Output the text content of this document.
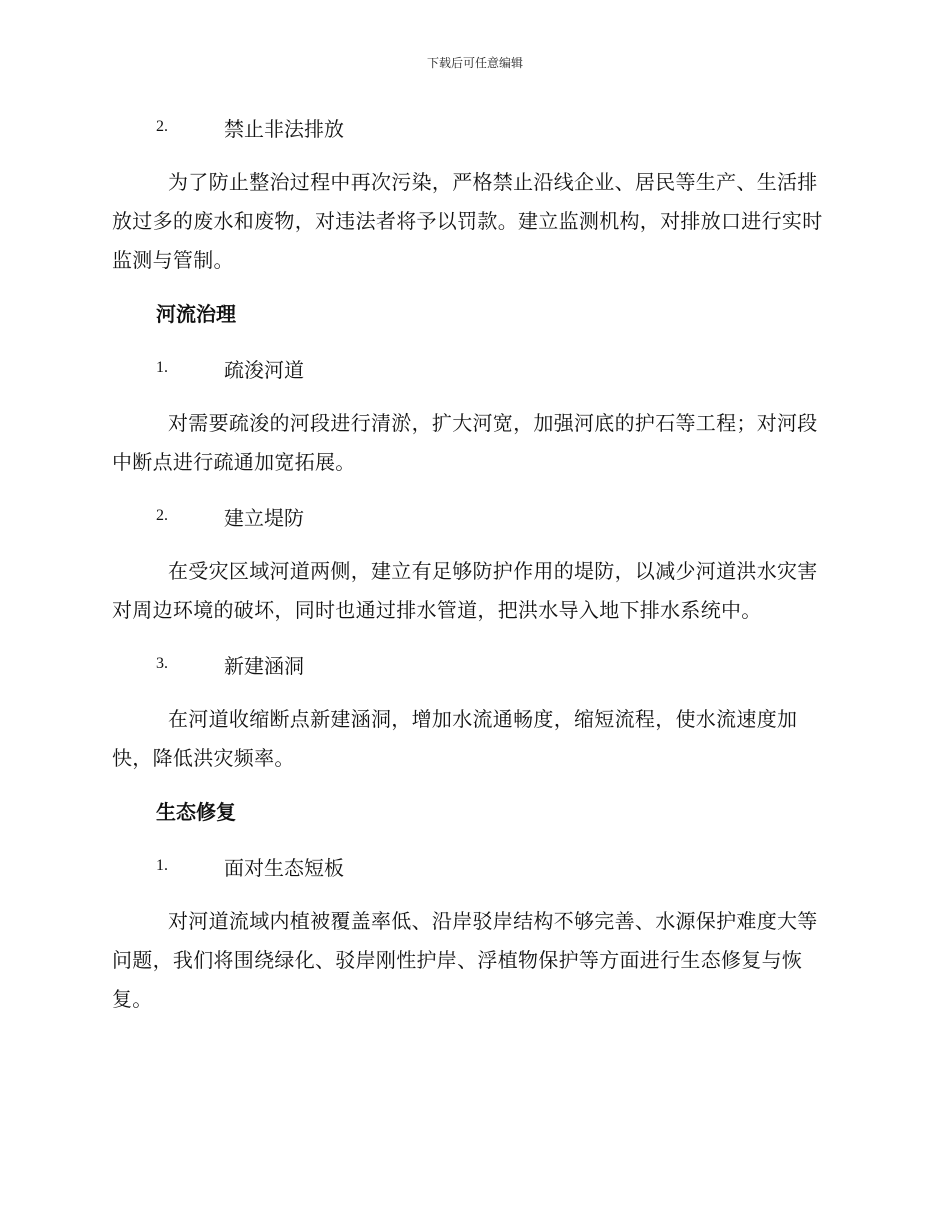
下载后可任意编辑
2.	禁止非法排放

为了防止整治过程中再次污染，严格禁止沿线企业、居民等生产、生活排放过多的废水和废物，对违法者将予以罚款。建立监测机构，对排放口进行实时监测与管制。

河流治理
1.	疏浚河道

对需要疏浚的河段进行清淤，扩大河宽，加强河底的护石等工程；对河段中断点进行疏通加宽拓展。

2.	建立堤防

在受灾区域河道两侧，建立有足够防护作用的堤防，以减少河道洪水灾害对周边环境的破坏，同时也通过排水管道，把洪水导入地下排水系统中。

3.	新建涵洞

在河道收缩断点新建涵洞，增加水流通畅度，缩短流程，使水流速度加快，降低洪灾频率。

生态修复
1.	面对生态短板

对河道流域内植被覆盖率低、沿岸驳岸结构不够完善、水源保护难度大等问题，我们将围绕绿化、驳岸刚性护岸、浮植物保护等方面进行生态修复与恢复。
